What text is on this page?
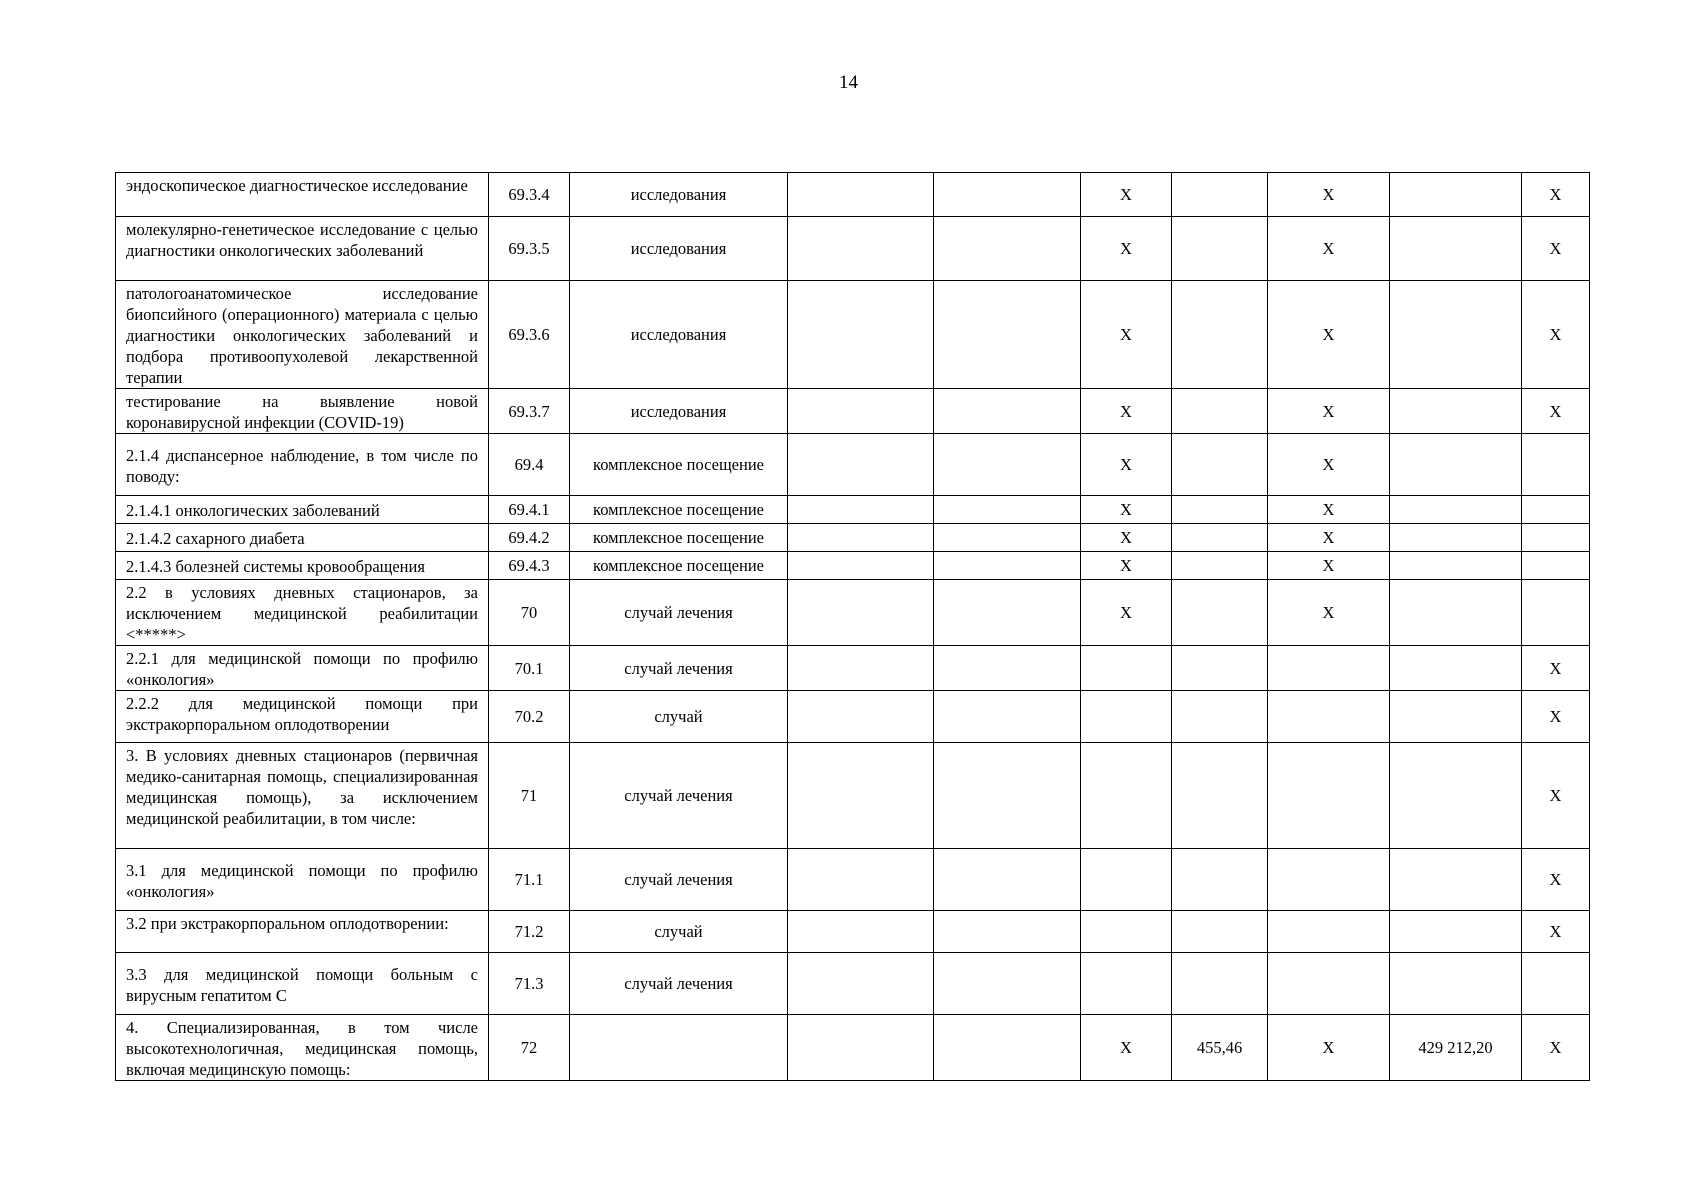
14
эндоскопическое диагностическое исследование	69.3.4	исследования			X		X		X
молекулярно-генетическое исследование с целью диагностики онкологических заболеваний	69.3.5	исследования			X		X		X
патологоанатомическое исследование биопсийного (операционного) материала с целью диагностики онкологических заболеваний и подбора противоопухолевой лекарственной терапии	69.3.6	исследования			X		X		X
тестирование на выявление новой коронавирусной инфекции (COVID-19)	69.3.7	исследования			X		X		X
2.1.4 диспансерное наблюдение, в том числе по поводу:	69.4	комплексное посещение			X		X		
2.1.4.1 онкологических заболеваний	69.4.1	комплексное посещение			X		X		
2.1.4.2 сахарного диабета	69.4.2	комплексное посещение			X		X		
2.1.4.3 болезней системы кровообращения	69.4.3	комплексное посещение			X		X		
2.2 в условиях дневных стационаров, за исключением медицинской реабилитации <*****>	70	случай лечения			X		X		
2.2.1 для медицинской помощи по профилю «онкология»	70.1	случай лечения							X
2.2.2 для медицинской помощи при экстракорпоральном оплодотворении	70.2	случай							X
3. В условиях дневных стационаров (первичная медико-санитарная помощь, специализированная медицинская помощь), за исключением медицинской реабилитации, в том числе:	71	случай лечения							X
3.1 для медицинской помощи по профилю «онкология»	71.1	случай лечения							X
3.2 при экстракорпоральном оплодотворении:	71.2	случай							X
3.3 для медицинской помощи больным с вирусным гепатитом С	71.3	случай лечения							
4. Специализированная, в том числе высокотехнологичная, медицинская помощь, включая медицинскую помощь:	72				X	455,46	X	429 212,20	X
